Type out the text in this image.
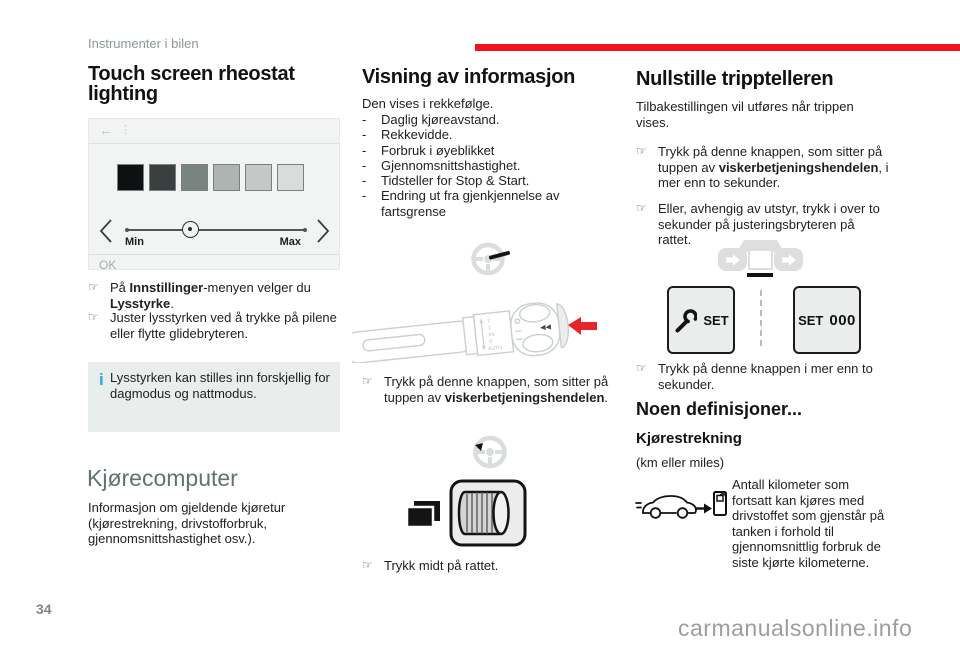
Instrumenter i bilen
Touch screen rheostat lighting
← ⋮
Min	Max
OK
☞ På Innstillinger-menyen velger du Lysstyrke.
☞ Juster lysstyrken ved å trykke på pilene eller flytte glidebryteren.
i Lysstyrken kan stilles inn forskjellig for dagmodus og nattmodus.
Kjørecomputer
Informasjon om gjeldende kjøretur (kjørestrekning, drivstofforbruk, gjennomsnittshastighet osv.).
Visning av informasjon
Den vises i rekkefølge.
-	Daglig kjøreavstand.
-	Rekkevidde.
-	Forbruk i øyeblikket
-	Gjennomsnittshastighet.
-	Tidsteller for Stop & Start.
-	Endring ut fra gjenkjennelse av fartsgrense
2
1
Int
0
AUTO
◀◀
☞ Trykk på denne knappen, som sitter på tuppen av viskerbetjeningshendelen.
☞ Trykk midt på rattet.
Nullstille tripptelleren
Tilbakestillingen vil utføres når trippen vises.
☞ Trykk på denne knappen, som sitter på tuppen av viskerbetjeningshendelen, i mer enn to sekunder.
☞ Eller, avhengig av utstyr, trykk i over to sekunder på justeringsbryteren på rattet.
SET	SET 000
☞ Trykk på denne knappen i mer enn to sekunder.
Noen definisjoner...
Kjørestrekning
(km eller miles)
Antall kilometer som fortsatt kan kjøres med drivstoffet som gjenstår på tanken i forhold til gjennomsnittlig forbruk de siste kjørte kilometerne.
34
carmanualsonline.info
